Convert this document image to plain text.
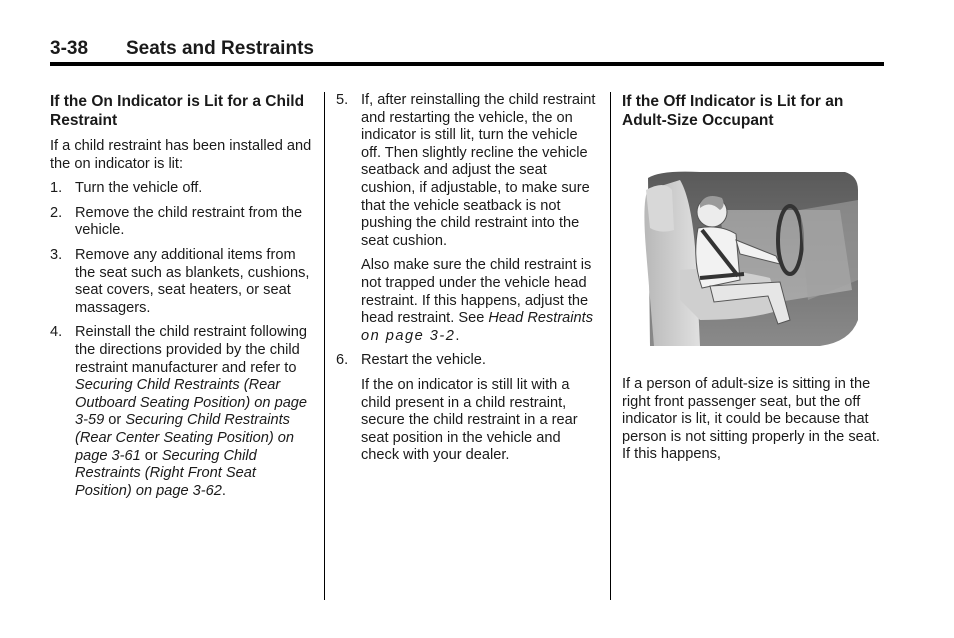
3-38 Seats and Restraints
If the On Indicator is Lit for a Child Restraint

If a child restraint has been installed and the on indicator is lit:

1. Turn the vehicle off.
2. Remove the child restraint from the vehicle.
3. Remove any additional items from the seat such as blankets, cushions, seat covers, seat heaters, or seat massagers.
4. Reinstall the child restraint following the directions provided by the child restraint manufacturer and refer to Securing Child Restraints (Rear Outboard Seating Position) on page 3-59 or Securing Child Restraints (Rear Center Seating Position) on page 3-61 or Securing Child Restraints (Right Front Seat Position) on page 3-62.
5. If, after reinstalling the child restraint and restarting the vehicle, the on indicator is still lit, turn the vehicle off. Then slightly recline the vehicle seatback and adjust the seat cushion, if adjustable, to make sure that the vehicle seatback is not pushing the child restraint into the seat cushion.
Also make sure the child restraint is not trapped under the vehicle head restraint. If this happens, adjust the head restraint. See Head Restraints on page 3-2.
6. Restart the vehicle.
If the on indicator is still lit with a child present in a child restraint, secure the child restraint in a rear seat position in the vehicle and check with your dealer.
If the Off Indicator is Lit for an Adult-Size Occupant

If a person of adult-size is sitting in the right front passenger seat, but the off indicator is lit, it could be because that person is not sitting properly in the seat. If this happens,
